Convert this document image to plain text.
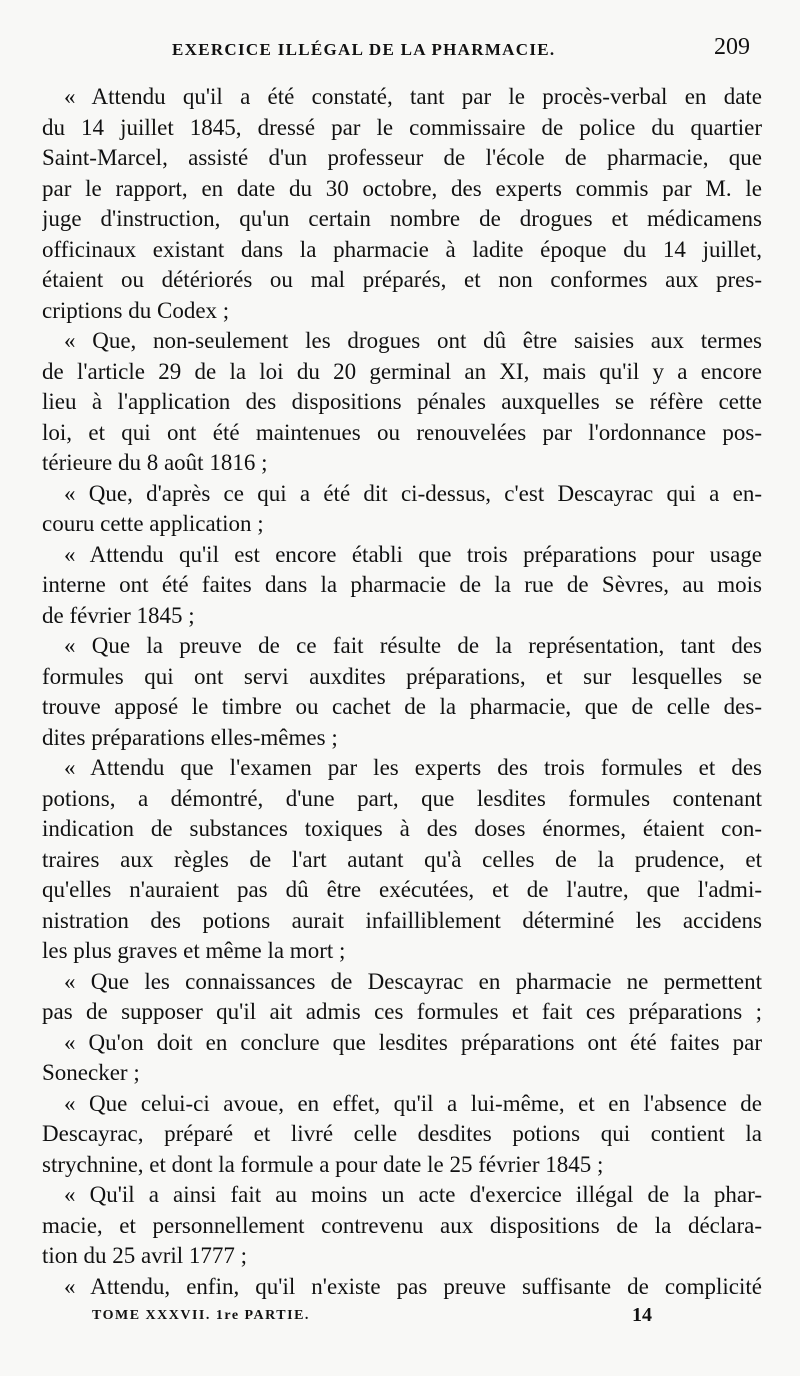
EXERCICE ILLÉGAL DE LA PHARMACIE.	209
« Attendu qu'il a été constaté, tant par le procès-verbal en date
du 14 juillet 1845, dressé par le commissaire de police du quartier
Saint-Marcel, assisté d'un professeur de l'école de pharmacie, que
par le rapport, en date du 30 octobre, des experts commis par M. le
juge d'instruction, qu'un certain nombre de drogues et médicamens
officinaux existant dans la pharmacie à ladite époque du 14 juillet,
étaient ou détériorés ou mal préparés, et non conformes aux pres-
criptions du Codex ;
« Que, non-seulement les drogues ont dû être saisies aux termes
de l'article 29 de la loi du 20 germinal an XI, mais qu'il y a encore
lieu à l'application des dispositions pénales auxquelles se réfère cette
loi, et qui ont été maintenues ou renouvelées par l'ordonnance pos-
térieure du 8 août 1816 ;
« Que, d'après ce qui a été dit ci-dessus, c'est Descayrac qui a en-
couru cette application ;
« Attendu qu'il est encore établi que trois préparations pour usage
interne ont été faites dans la pharmacie de la rue de Sèvres, au mois
de février 1845 ;
« Que la preuve de ce fait résulte de la représentation, tant des
formules qui ont servi auxdites préparations, et sur lesquelles se
trouve apposé le timbre ou cachet de la pharmacie, que de celle des-
dites préparations elles-mêmes ;
« Attendu que l'examen par les experts des trois formules et des
potions, a démontré, d'une part, que lesdites formules contenant
indication de substances toxiques à des doses énormes, étaient con-
traires aux règles de l'art autant qu'à celles de la prudence, et
qu'elles n'auraient pas dû être exécutées, et de l'autre, que l'admi-
nistration des potions aurait infailliblement déterminé les accidens
les plus graves et même la mort ;
« Que les connaissances de Descayrac en pharmacie ne permettent
pas de supposer qu'il ait admis ces formules et fait ces préparations ;
« Qu'on doit en conclure que lesdites préparations ont été faites par
Sonecker ;
« Que celui-ci avoue, en effet, qu'il a lui-même, et en l'absence de
Descayrac, préparé et livré celle desdites potions qui contient la
strychnine, et dont la formule a pour date le 25 février 1845 ;
« Qu'il a ainsi fait au moins un acte d'exercice illégal de la phar-
macie, et personnellement contrevenu aux dispositions de la déclara-
tion du 25 avril 1777 ;
« Attendu, enfin, qu'il n'existe pas preuve suffisante de complicité
TOME XXXVII. 1re PARTIE.	14
